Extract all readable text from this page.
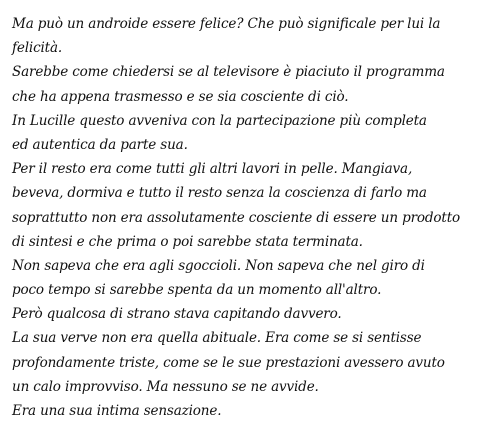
Ma può un androide essere felice? Che può significale per lui la
felicità.
Sarebbe come chiedersi se al televisore è piaciuto il programma
che ha appena trasmesso e se sia cosciente di ciò.
In Lucille questo avveniva con la partecipazione più completa
ed autentica da parte sua.
Per il resto era come tutti gli altri lavori in pelle. Mangiava,
beveva, dormiva e tutto il resto senza la coscienza di farlo ma
soprattutto non era assolutamente cosciente di essere un prodotto
di sintesi e che prima o poi sarebbe stata terminata.
Non sapeva che era agli sgoccioli. Non sapeva che nel giro di
poco tempo si sarebbe spenta da un momento all'altro.
Però qualcosa di strano stava capitando davvero.
La sua verve non era quella abituale. Era come se si sentisse
profondamente triste, come se le sue prestazioni avessero avuto
un calo improvviso. Ma nessuno se ne avvide.
Era una sua intima sensazione.
